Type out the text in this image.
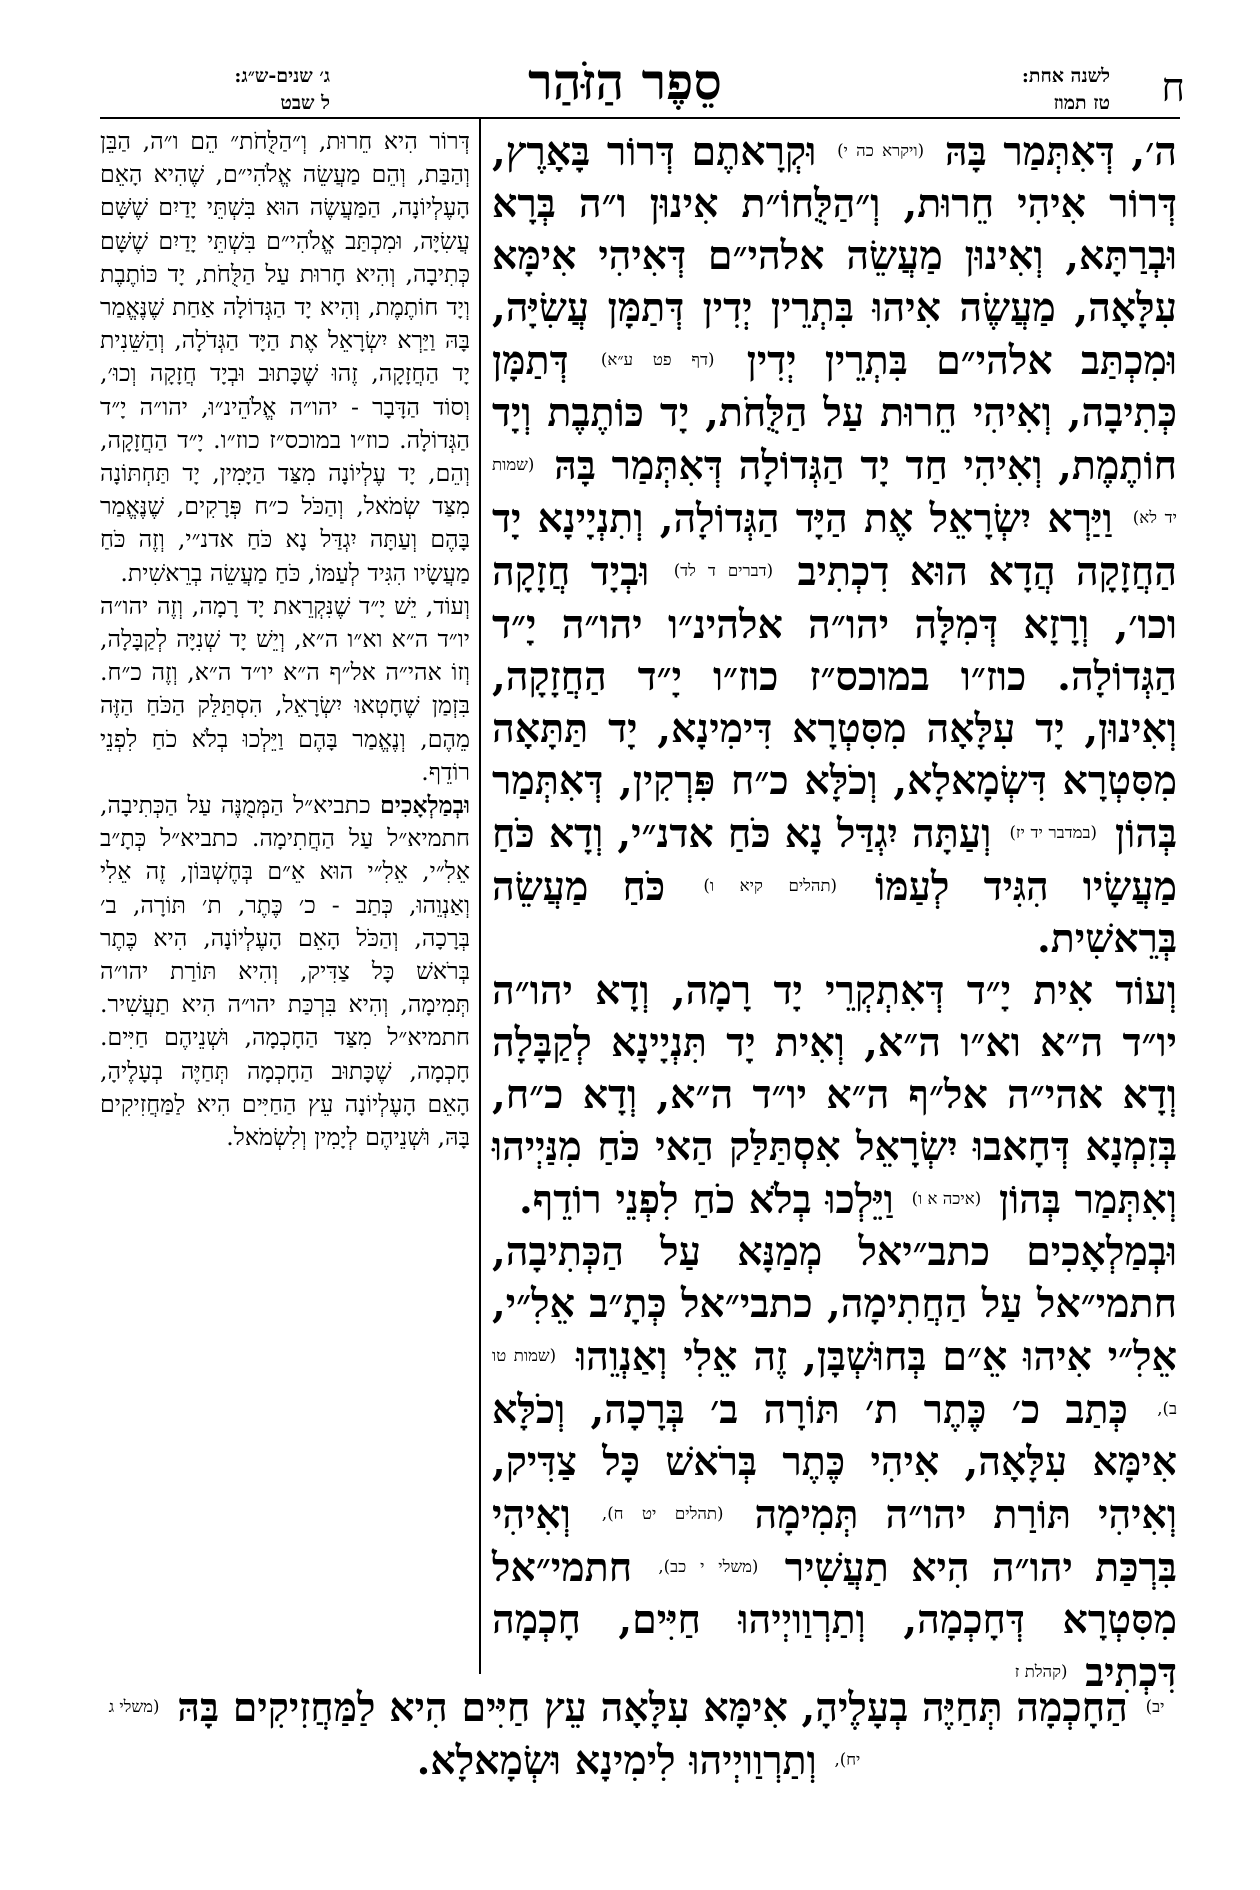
ח
לשנה אחת:
טז תמוז
סֵפֶר הַזֹּהַר
ג׳ שנים-ש״ג:
ל שבט

ה׳, דְּאִתְּמַר בָּהּ $^{(ויקרא כה י)}$ וּקְרָאתֶם דְּרוֹר בָּאָרֶץ, דְּרוֹר אִיהִי חֵרוּת, וְ״הַלֻּחוֹ״ת אִינוּן ו״ה בְּרָא וּבְרַתָּא, וְאִינוּן מַעֲשֵׂה אלהי״ם דְּאִיהִי אִימָּא עִלָּאָה, מַעֲשֶׂה אִיהוּ בִּתְרֵין יְדִין דְּתַמָּן עֲשִׂיָּה, וּמִכְתַּב אלהי״ם בִּתְרֵין יְדִין $^{(דף פט ע״א)}$ דְּתַמָּן כְּתִיבָה, וְאִיהִי חֵרוּת עַל הַלֻּחֹת, יָד כּוֹתֶבֶת וְיָד חוֹתֶמֶת, וְאִיהִי חַד יָד הַגְּדוֹלָה דְּאִתְּמַר בָּהּ $^{(שמות יד לא)}$ וַיַּרְא יִשְׂרָאֵל אֶת הַיָּד הַגְּדוֹלָה, וְתִנְיָינָא יָד הַחֲזָקָה הֲדָא הוּא דִכְתִיב $^{(דברים ד לד)}$ וּבְיָד חֲזָקָה וכו׳, וְרָזָא דְּמִלָּה יהו״ה אלהינ״ו יהו״ה יָ״ד הַגְּדוֹלָה. כוז״ו במוכס״ז כוז״ו יָ״ד הַחֲזָקָה, וְאִינוּן, יָד עִלָּאָה מִסִּטְרָא דִּימִינָא, יָד תַּתָּאָה מִסִּטְרָא דִּשְׂמָאלָא, וְכֹלָּא כ״ח פִּרְקִין, דְּאִתְּמַר בְּהוֹן $^{(במדבר יד יז)}$ וְעַתָּה יִגְדַּל נָא כֹּחַ אדנ״י, וְדָא כֹּחַ מַעֲשָׂיו הִגִּיד לְעַמּוֹ $^{(תהלים קיא ו)}$ כֹּחַ מַעֲשֵׂה בְּרֵאשִׁית.

וְעוֹד אִית יָ״ד דְּאִתְקְרֵי יָד רָמָה, וְדָא יהו״ה יו״ד ה״א וא״ו ה״א, וְאִית יָד תִּנְיָינָא לְקַבָּלָה וְדָא אהי״ה אל״ף ה״א יו״ד ה״א, וְדָא כ״ח, בְּזִמְנָא דְּחָאבוּ יִשְׂרָאֵל אִסְתַּלַּק הַאי כֹּחַ מִנַּיְיהוּ וְאִתְּמַר בְּהוֹן $^{(איכה א ו)}$ וַיֵּלְכוּ בְלֹא כֹחַ לִפְנֵי רוֹדֵף.

וּבְמַלְאָכִים כתב״יאל מְמַנָּא עַל הַכְּתִיבָה, חתמי״אל עַל הַחֲתִימָה, כתבי״אל כְּתָ״ב אֵלִ״י, אֵלִ״י אִיהוּ אֵ״ם בְּחוּשְׁבָּן, זֶה אֵלִי וְאַנְוֵהוּ $^{(שמות טו ב),}$ כְּתַב כ׳ כֶּתֶר ת׳ תּוֹרָה ב׳ בְּרָכָה, וְכֹלָּא אִימָּא עִלָּאָה, אִיהִי כֶּתֶר בְּרֹאשׁ כָּל צַדִּיק, וְאִיהִי תּוֹרַת יהו״ה תְּמִימָה $^{(תהלים יט ח),}$ וְאִיהִי בִּרְכַּת יהו״ה הִיא תַעֲשִׁיר $^{(משלי י כב),}$ חתמי״אל מִסִּטְרָא דְּחָכְמָה, וְתַרְוַויְיהוּ חַיִּים, חָכְמָה דִּכְתִיב $^{(קהלת ז}$

דְּרוֹר הִיא חֵרוּת, וְ״הַלֻּחֹת״ הֵם ו״ה, הַבֵּן וְהַבַּת, וְהֵם מַעֲשֵׂה אֱלֹהִי״ם, שֶׁהִיא הָאֵם הָעֶלְיוֹנָה, הַמַּעֲשֶׂה הוּא בִּשְׁתֵּי יָדַיִם שֶׁשָּׁם עֲשִׂיָּה, וּמִכְתַּב אֱלֹהִי״ם בִּשְׁתֵּי יָדַיִם שֶׁשָּׁם כְּתִיבָה, וְהִיא חָרוּת עַל הַלֻּחֹת, יָד כּוֹתֶבֶת וְיָד חוֹתֶמֶת, וְהִיא יָד הַגְּדוֹלָה אַחַת שֶׁנֶּאֱמַר בָּהּ וַיַּרְא יִשְׂרָאֵל אֶת הַיָּד הַגְּדֹלָה, וְהַשֵּׁנִית יָד הַחֲזָקָה, זֶהוּ שֶׁכָּתוּב וּבְיָד חֲזָקָה וְכוּ׳, וְסוֹד הַדָּבָר - יהו״ה אֱלֹהֵינ״וּ, יהו״ה יָ״ד הַגְּדוֹלָה. כוז״ו במוכס״ז כוז״ו. יָ״ד הַחֲזָקָה, וְהֵם, יָד עֶלְיוֹנָה מִצַּד הַיָּמִין, יָד תַּחְתּוֹנָה מִצַּד שְׂמֹאל, וְהַכֹּל כ״ח פְּרָקִים, שֶׁנֶּאֱמַר בָּהֶם וְעַתָּה יִגְדַּל נָא כֹּחַ אדנ״י, וְזֶה כֹּחַ מַעֲשָׂיו הִגִּיד לְעַמּוֹ, כֹּחַ מַעֲשֵׂה בְרֵאשִׁית.

וְעוֹד, יֵשׁ יָ״ד שֶׁנִּקְרֵאת יָד רָמָה, וְזֶה יהו״ה יו״ד ה״א וא״ו ה״א, וְיֵשׁ יָד שְׁנִיָּה לְקַבָּלָה, וְזוֹ אהי״ה אל״ף ה״א יו״ד ה״א, וְזֶה כ״ח. בִּזְמַן שֶׁחָטְאוּ יִשְׂרָאֵל, הִסְתַּלֵּק הַכֹּחַ הַזֶּה מֵהֶם, וְנֶאֱמַר בָּהֶם וַיֵּלְכוּ בְלֹא כֹחַ לִפְנֵי רוֹדֵף.

וּבְמַלְאָכִים כתביא״ל הַמְּמֻנֶּה עַל הַכְּתִיבָה, חתמיא״ל עַל הַחֲתִימָה. כתביא״ל כְּתָ״ב אֵלִ״י, אֵלִ״י הוּא אֵ״ם בְּחֶשְׁבּוֹן, זֶה אֵלִי וְאַנְוֵהוּ, כְּתַב - כ׳ כֶּתֶר, ת׳ תּוֹרָה, ב׳ בְּרָכָה, וְהַכֹּל הָאֵם הָעֶלְיוֹנָה, הִיא כֶּתֶר בְּרֹאשׁ כָּל צַדִּיק, וְהִיא תּוֹרַת יהו״ה תְּמִימָה, וְהִיא בִּרְכַּת יהו״ה הִיא תַעֲשִׁיר. חתמיא״ל מִצַּד הַחָכְמָה, וּשְׁנֵיהֶם חַיִּים. חָכְמָה, שֶׁכָּתוּב הַחָכְמָה תְּחַיֶּה בְעָלֶיהָ, הָאֵם הָעֶלְיוֹנָה עֵץ הַחַיִּים הִיא לַמַּחֲזִיקִים בָּהּ, וּשְׁנֵיהֶם לְיָמִין וְלִשְׂמֹאל.

$^{יב)}$ הַחָכְמָה תְּחַיֶּה בְעָלֶיהָ, אִימָּא עִלָּאָה עֵץ חַיִּים הִיא לַמַּחֲזִיקִים בָּהּ $^{(משלי ג יח),}$ וְתַרְוַויְיהוּ לִימִינָא וּשְׂמָאלָא.
